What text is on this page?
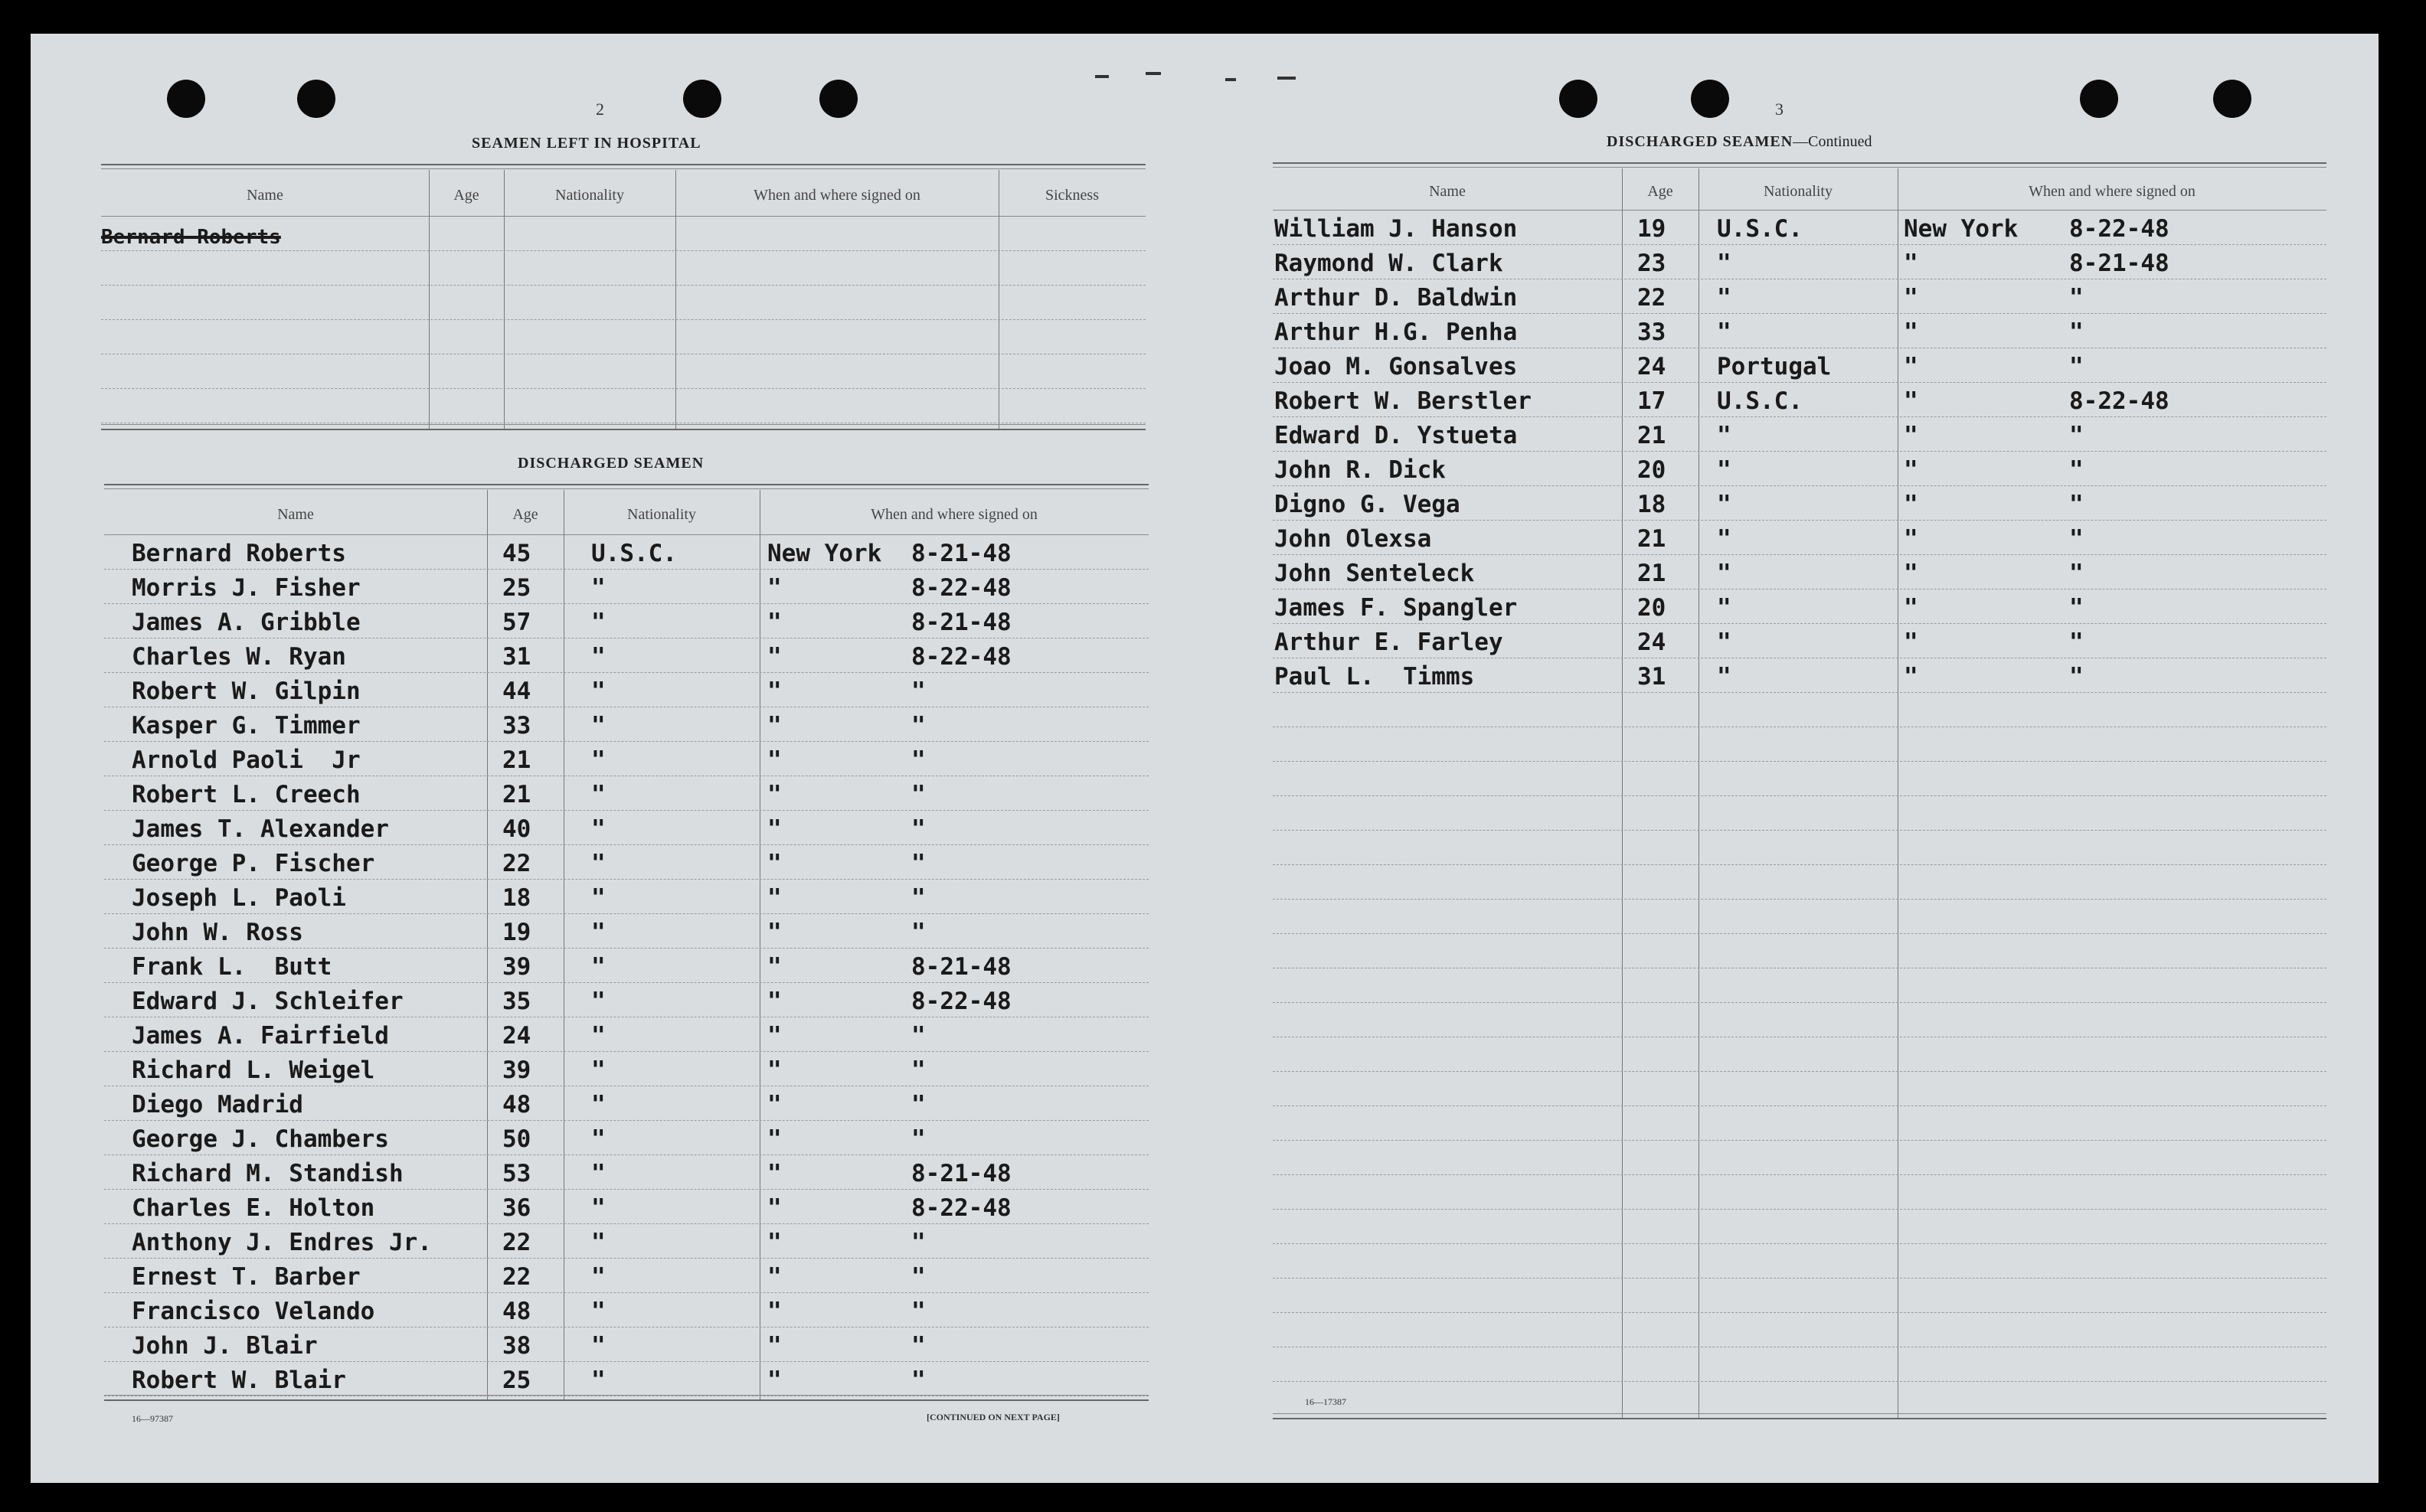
2
SEAMEN LEFT IN HOSPITAL
Name	Age	Nationality	When and where signed on	Sickness
Bernard Roberts
DISCHARGED SEAMEN
Name	Age	Nationality	When and where signed on
Bernard Roberts	45	U.S.C.	New York 8-21-48
Morris J. Fisher	25	"	"	8-22-48
James A. Gribble	57	"	"	8-21-48
Charles W. Ryan	31	"	"	8-22-48
Robert W. Gilpin	44	"	"	"
Kasper G. Timmer	33	"	"	"
Arnold Paoli  Jr	21	"	"	"
Robert L. Creech	21	"	"	"
James T. Alexander	40	"	"	"
George P. Fischer	22	"	"	"
Joseph L. Paoli	18	"	"	"
John W. Ross	19	"	"	"
Frank L.  Butt	39	"	"	8-21-48
Edward J. Schleifer	35	"	"	8-22-48
James A. Fairfield	24	"	"	"
Richard L. Weigel	39	"	"	"
Diego Madrid	48	"	"	"
George J. Chambers	50	"	"	"
Richard M. Standish	53	"	"	8-21-48
Charles E. Holton	36	"	"	8-22-48
Anthony J. Endres Jr.	22	"	"	"
Ernest T. Barber	22	"	"	"
Francisco Velando	48	"	"	"
John J. Blair	38	"	"	"
Robert W. Blair	25	"	"	"
16—97387	[CONTINUED ON NEXT PAGE]
3
DISCHARGED SEAMEN—Continued
Name	Age	Nationality	When and where signed on
William J. Hanson	19 U.S.C.	New York 8-22-48
Raymond W. Clark	23 "	"	8-21-48
Arthur D. Baldwin	22 "	"	"
Arthur H.G. Penha	33 "	"	"
Joao M. Gonsalves	24 Portugal	"	"
Robert W. Berstler	17 U.S.C.	"	8-22-48
Edward D. Ystueta	21 "	"	"
John R. Dick	20 "	"	"
Digno G. Vega	18 "	"	"
John Olexsa	21 "	"	"
John Senteleck	21 "	"	"
James F. Spangler	20 "	"	"
Arthur E. Farley	24 "	"	"
Paul L.  Timms	31 "	"	"
16—17387
